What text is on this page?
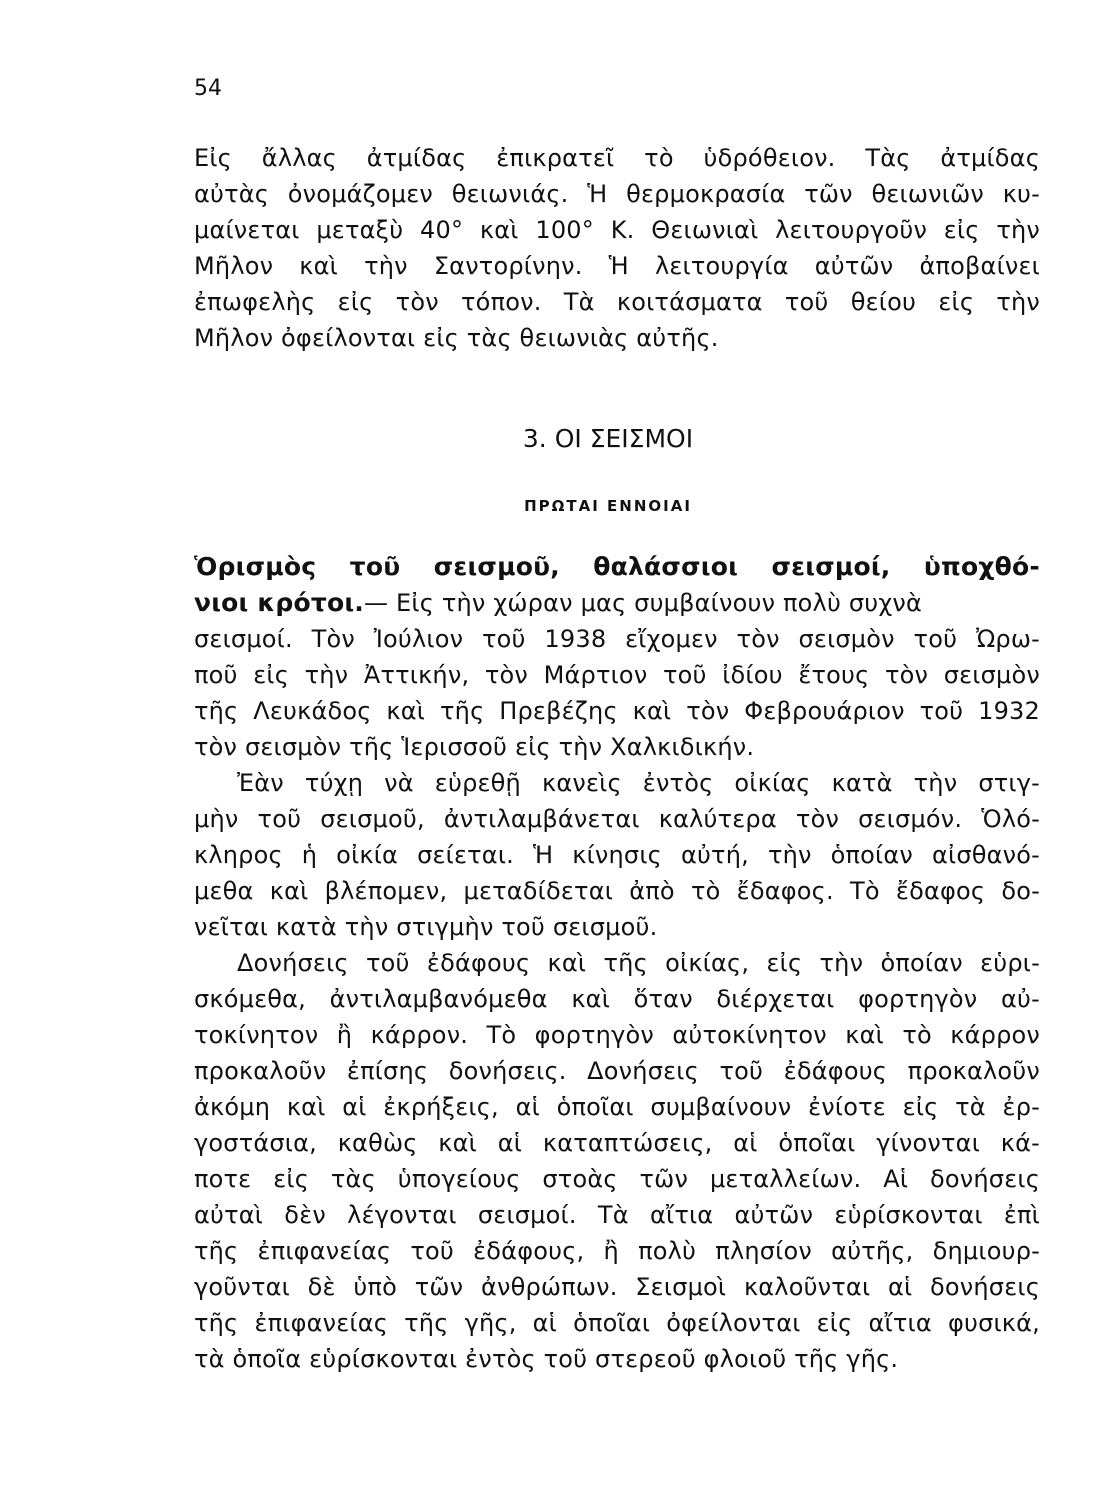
54
Εἰς ἄλλας ἀτμίδας ἐπικρατεῖ τὸ ὑδρόθειον. Τὰς ἀτμίδας
αὐτὰς ὀνομάζομεν θειωνιάς. Ἡ θερμοκρασία τῶν θειωνιῶν κυ-
μαίνεται μεταξὺ 40° καὶ 100° Κ. Θειωνιαὶ λειτουργοῦν εἰς τὴν
Μῆλον καὶ τὴν Σαντορίνην. Ἡ λειτουργία αὐτῶν ἀποβαίνει
ἐπωφελὴς εἰς τὸν τόπον. Τὰ κοιτάσματα τοῦ θείου εἰς τὴν
Μῆλον ὀφείλονται εἰς τὰς θειωνιὰς αὐτῆς.
3. ΟΙ ΣΕΙΣΜΟΙ
ΠΡΩΤΑΙ ΕΝΝΟΙΑΙ
Ὁρισμὸς τοῦ σεισμοῦ, θαλάσσιοι σεισμοί, ὑποχθό-
νιοι κρότοι.— Εἰς τὴν χώραν μας συμβαίνουν πολὺ συχνὰ
σεισμοί. Τὸν Ἰούλιον τοῦ 1938 εἴχομεν τὸν σεισμὸν τοῦ Ὠρω-
ποῦ εἰς τὴν Ἀττικήν, τὸν Μάρτιον τοῦ ἰδίου ἔτους τὸν σεισμὸν
τῆς Λευκάδος καὶ τῆς Πρεβέζης καὶ τὸν Φεβρουάριον τοῦ 1932
τὸν σεισμὸν τῆς Ἱερισσοῦ εἰς τὴν Χαλκιδικήν.
Ἐὰν τύχῃ νὰ εὑρεθῇ κανεὶς ἐντὸς οἰκίας κατὰ τὴν στιγ-
μὴν τοῦ σεισμοῦ, ἀντιλαμβάνεται καλύτερα τὸν σεισμόν. Ὁλό-
κληρος ἡ οἰκία σείεται. Ἡ κίνησις αὐτή, τὴν ὁποίαν αἰσθανό-
μεθα καὶ βλέπομεν, μεταδίδεται ἀπὸ τὸ ἔδαφος. Τὸ ἔδαφος δο-
νεῖται κατὰ τὴν στιγμὴν τοῦ σεισμοῦ.
Δονήσεις τοῦ ἐδάφους καὶ τῆς οἰκίας, εἰς τὴν ὁποίαν εὑρι-
σκόμεθα, ἀντιλαμβανόμεθα καὶ ὅταν διέρχεται φορτηγὸν αὐ-
τοκίνητον ἢ κάρρον. Τὸ φορτηγὸν αὐτοκίνητον καὶ τὸ κάρρον
προκαλοῦν ἐπίσης δονήσεις. Δονήσεις τοῦ ἐδάφους προκαλοῦν
ἀκόμη καὶ αἱ ἐκρήξεις, αἱ ὁποῖαι συμβαίνουν ἐνίοτε εἰς τὰ ἐρ-
γοστάσια, καθὼς καὶ αἱ καταπτώσεις, αἱ ὁποῖαι γίνονται κά-
ποτε εἰς τὰς ὑπογείους στοὰς τῶν μεταλλείων. Αἱ δονήσεις
αὐταὶ δὲν λέγονται σεισμοί. Τὰ αἴτια αὐτῶν εὑρίσκονται ἐπὶ
τῆς ἐπιφανείας τοῦ ἐδάφους, ἢ πολὺ πλησίον αὐτῆς, δημιουρ-
γοῦνται δὲ ὑπὸ τῶν ἀνθρώπων. Σεισμοὶ καλοῦνται αἱ δονήσεις
τῆς ἐπιφανείας τῆς γῆς, αἱ ὁποῖαι ὀφείλονται εἰς αἴτια φυσικά,
τὰ ὁποῖα εὑρίσκονται ἐντὸς τοῦ στερεοῦ φλοιοῦ τῆς γῆς.
